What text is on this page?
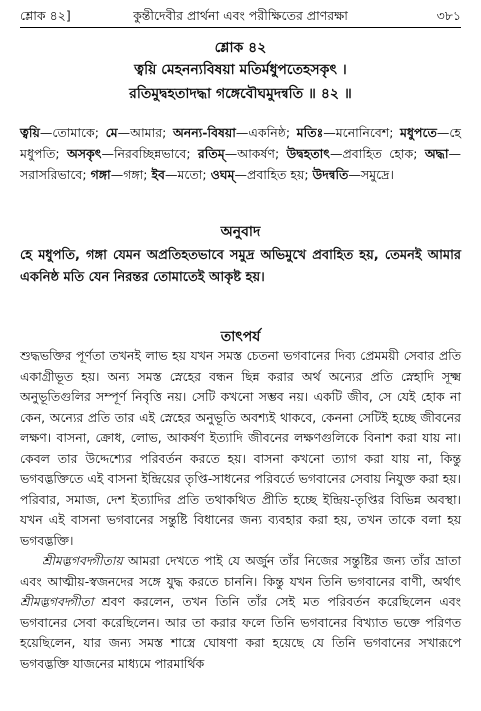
শ্লোক ৪২]	কুন্তীদেবীর প্রার্থনা এবং পরীক্ষিতের প্রাণরক্ষা	৩৮১
শ্লোক ৪২
ত্বয়ি মেহনন্যবিষয়া মতির্মধুপতেহসকৃৎ ।
রতিমুদ্বহতাদদ্ধা গঙ্গেবৌঘমুদন্বতি ॥ ৪২ ॥
ত্বয়ি—তোমাকে; মে—আমার; অনন্য-বিষয়া—একনিষ্ঠ; মতিঃ—মনোনিবেশ; মধুপতে—হে মধুপতি; অসকৃৎ—নিরবচ্ছিন্নভাবে; রতিম্—আকর্ষণ; উদ্বহতাৎ—প্রবাহিত হোক; অদ্ধা—সরাসরিভাবে; গঙ্গা—গঙ্গা; ইব—মতো; ওঘম্—প্রবাহিত হয়; উদন্বতি—সমুদ্রে।
অনুবাদ
হে মধুপতি, গঙ্গা যেমন অপ্রতিহতভাবে সমুদ্র অভিমুখে প্রবাহিত হয়, তেমনই আমার একনিষ্ঠ মতি যেন নিরন্তর তোমাতেই আকৃষ্ট হয়।
তাৎপর্য

শুদ্ধভক্তির পূর্ণতা তখনই লাভ হয় যখন সমস্ত চেতনা ভগবানের দিব্য প্রেমময়ী সেবার প্রতি একাগ্রীভূত হয়। অন্য সমস্ত স্নেহের বন্ধন ছিন্ন করার অর্থ অন্যের প্রতি স্নেহাদি সূক্ষ্ম অনুভূতিগুলির সম্পূর্ণ নিবৃত্তি নয়। সেটি কখনো সম্ভব নয়। একটি জীব, সে যেই হোক না কেন, অন্যের প্রতি তার এই স্নেহের অনুভূতি অবশ্যই থাকবে, কেননা সেটিই হচ্ছে জীবনের লক্ষণ। বাসনা, ক্রোধ, লোভ, আকর্ষণ ইত্যাদি জীবনের লক্ষণগুলিকে বিনাশ করা যায় না। কেবল তার উদ্দেশ্যের পরিবর্তন করতে হয়। বাসনা কখনো ত্যাগ করা যায় না, কিন্তু ভগবদ্ভক্তিতে এই বাসনা ইন্দ্রিয়ের তৃপ্তি-সাধনের পরিবর্তে ভগবানের সেবায় নিযুক্ত করা হয়। পরিবার, সমাজ, দেশ ইত্যাদির প্রতি তথাকথিত প্রীতি হচ্ছে ইন্দ্রিয়-তৃপ্তির বিভিন্ন অবস্থা। যখন এই বাসনা ভগবানের সন্তুষ্টি বিধানের জন্য ব্যবহার করা হয়, তখন তাকে বলা হয় ভগবদ্ভক্তি।

শ্রীমদ্ভগবদ্গীতায় আমরা দেখতে পাই যে অর্জুন তাঁর নিজের সন্তুষ্টির জন্য তাঁর ভ্রাতা এবং আত্মীয়-স্বজনদের সঙ্গে যুদ্ধ করতে চাননি। কিন্তু যখন তিনি ভগবানের বাণী, অর্থাৎ শ্রীমদ্ভগবদ্গীতা শ্রবণ করলেন, তখন তিনি তাঁর সেই মত পরিবর্তন করেছিলেন এবং ভগবানের সেবা করেছিলেন। আর তা করার ফলে তিনি ভগবানের বিখ্যাত ভক্তে পরিণত হয়েছিলেন, যার জন্য সমস্ত শাস্ত্রে ঘোষণা করা হয়েছে যে তিনি ভগবানের সখারূপে ভগবদ্ভক্তি যাজনের মাধ্যমে পারমার্থিক
